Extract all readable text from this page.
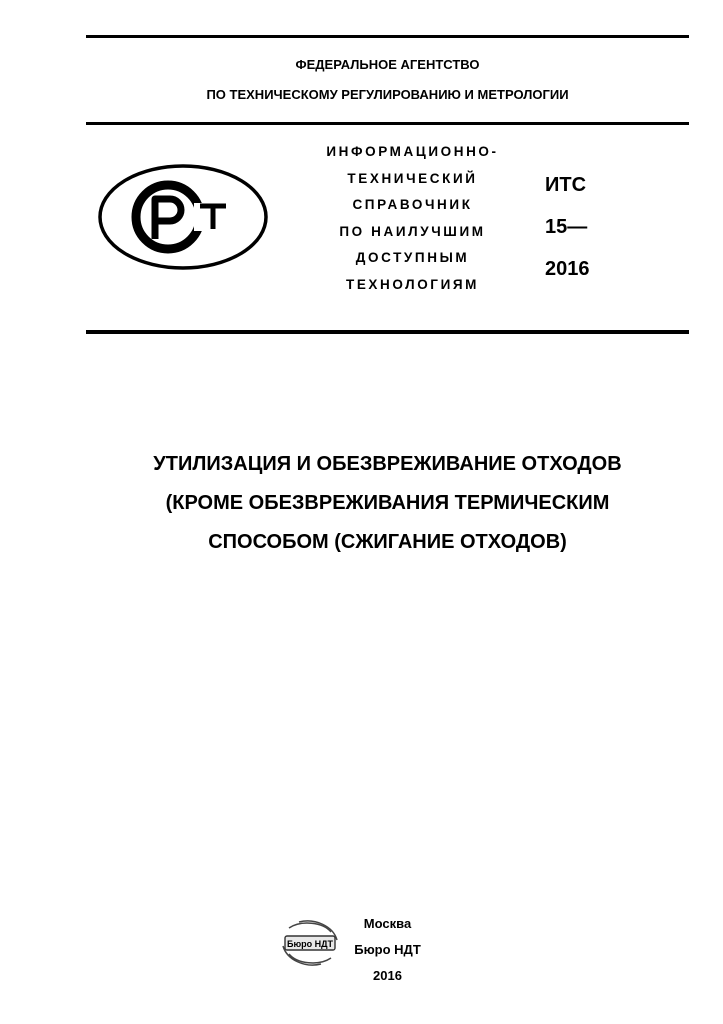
ФЕДЕРАЛЬНОЕ АГЕНТСТВО
ПО ТЕХНИЧЕСКОМУ РЕГУЛИРОВАНИЮ И МЕТРОЛОГИИ
ИНФОРМАЦИОННО-
ТЕХНИЧЕСКИЙ
СПРАВОЧНИК
ПО НАИЛУЧШИМ
ДОСТУПНЫМ
ТЕХНОЛОГИЯМ
ИТС
15—
2016
УТИЛИЗАЦИЯ И ОБЕЗВРЕЖИВАНИЕ ОТХОДОВ
(КРОМЕ ОБЕЗВРЕЖИВАНИЯ ТЕРМИЧЕСКИМ
СПОСОБОМ (СЖИГАНИЕ ОТХОДОВ)
Бюро НДТ
Москва
Бюро НДТ
2016
